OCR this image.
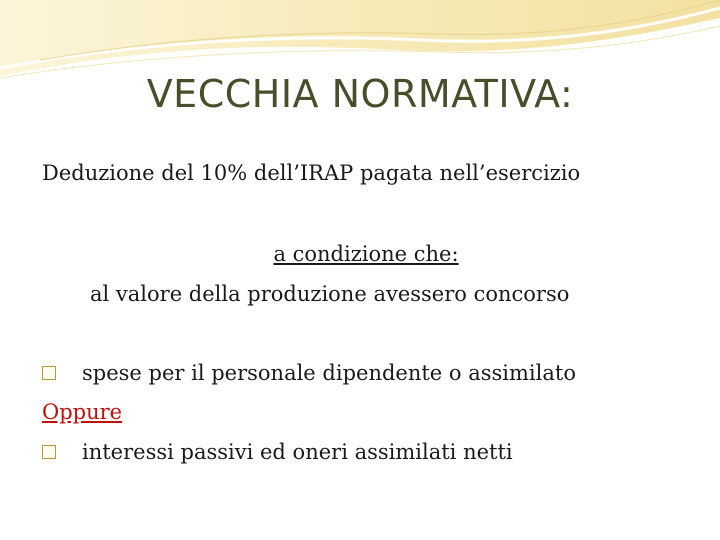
VECCHIA NORMATIVA:
Deduzione del 10% dell’IRAP pagata nell’esercizio
a condizione che:
al valore della produzione avessero concorso
spese per il personale dipendente o assimilato
Oppure
interessi passivi ed oneri assimilati netti
